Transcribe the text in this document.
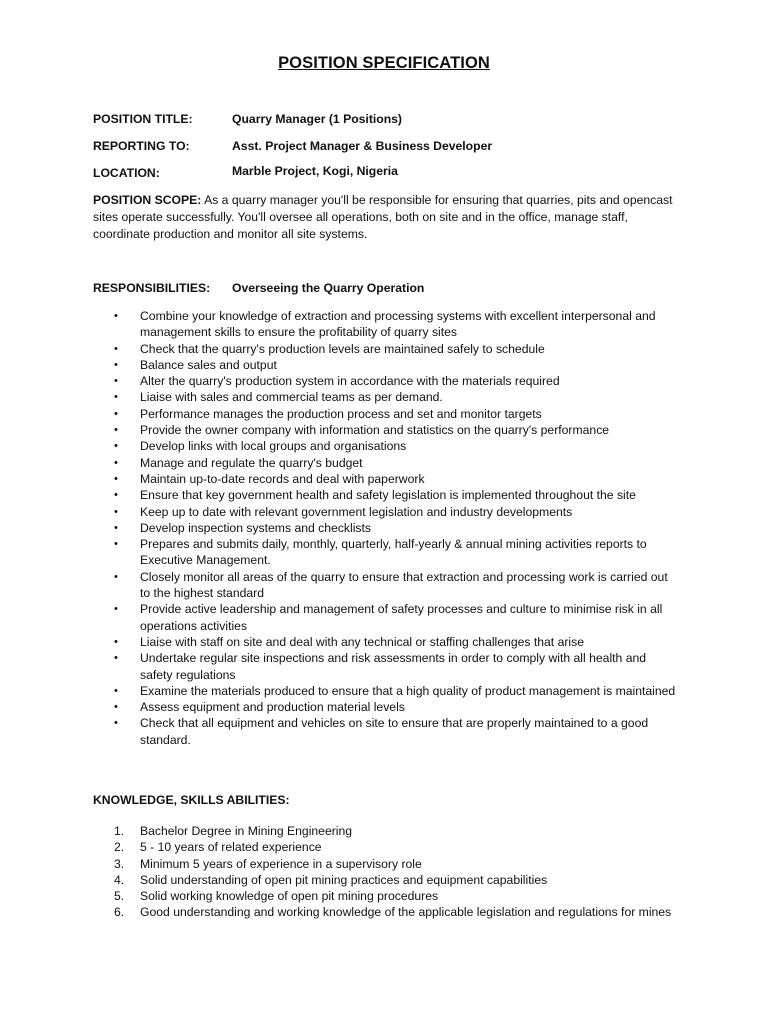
POSITION SPECIFICATION
POSITION TITLE:	Quarry Manager (1 Positions)
REPORTING TO:	Asst. Project Manager & Business Developer
LOCATION:	Marble Project, Kogi, Nigeria
POSITION SCOPE: As a quarry manager you'll be responsible for ensuring that quarries, pits and opencast sites operate successfully. You'll oversee all operations, both on site and in the office, manage staff, coordinate production and monitor all site systems.
RESPONSIBILITIES: Overseeing the Quarry Operation
• Combine your knowledge of extraction and processing systems with excellent interpersonal and management skills to ensure the profitability of quarry sites
• Check that the quarry's production levels are maintained safely to schedule
• Balance sales and output
• Alter the quarry's production system in accordance with the materials required
• Liaise with sales and commercial teams as per demand.
• Performance manages the production process and set and monitor targets
• Provide the owner company with information and statistics on the quarry's performance
• Develop links with local groups and organisations
• Manage and regulate the quarry's budget
• Maintain up-to-date records and deal with paperwork
• Ensure that key government health and safety legislation is implemented throughout the site
• Keep up to date with relevant government legislation and industry developments
• Develop inspection systems and checklists
• Prepares and submits daily, monthly, quarterly, half-yearly & annual mining activities reports to Executive Management.
• Closely monitor all areas of the quarry to ensure that extraction and processing work is carried out to the highest standard
• Provide active leadership and management of safety processes and culture to minimise risk in all operations activities
• Liaise with staff on site and deal with any technical or staffing challenges that arise
• Undertake regular site inspections and risk assessments in order to comply with all health and safety regulations
• Examine the materials produced to ensure that a high quality of product management is maintained
• Assess equipment and production material levels
• Check that all equipment and vehicles on site to ensure that are properly maintained to a good standard.
KNOWLEDGE, SKILLS ABILITIES:
1. Bachelor Degree in Mining Engineering
2. 5 - 10 years of related experience
3. Minimum 5 years of experience in a supervisory role
4. Solid understanding of open pit mining practices and equipment capabilities
5. Solid working knowledge of open pit mining procedures
6. Good understanding and working knowledge of the applicable legislation and regulations for mines
